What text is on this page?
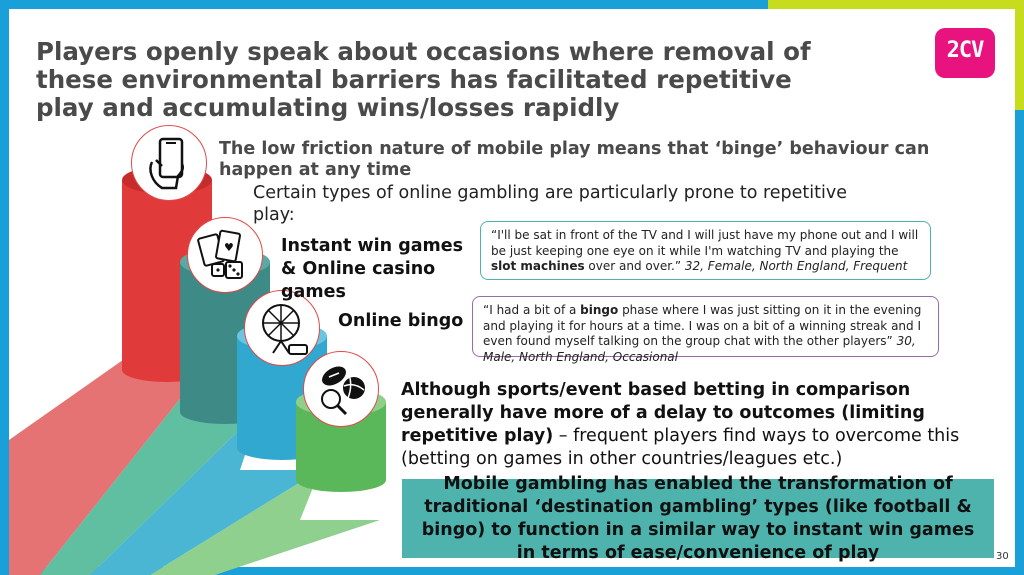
Players openly speak about occasions where removal of these environmental barriers has facilitated repetitive play and accumulating wins/losses rapidly
2CV
♥
The low friction nature of mobile play means that ‘binge’ behaviour can happen at any time
Certain types of online gambling are particularly prone to repetitive play:
Instant win games & Online casino games
Online bingo
“I'll be sat in front of the TV and I will just have my phone out and I will be just keeping one eye on it while I'm watching TV and playing the slot machines over and over.” 32, Female, North England, Frequent
“I had a bit of a bingo phase where I was just sitting on it in the evening and playing it for hours at a time. I was on a bit of a winning streak and I even found myself talking on the group chat with the other players” 30, Male, North England, Occasional
Although sports/event based betting in comparison generally have more of a delay to outcomes (limiting repetitive play) – frequent players find ways to overcome this (betting on games in other countries/leagues etc.)
Mobile gambling has enabled the transformation of traditional ‘destination gambling’ types (like football & bingo) to function in a similar way to instant win games in terms of ease/convenience of play	30
